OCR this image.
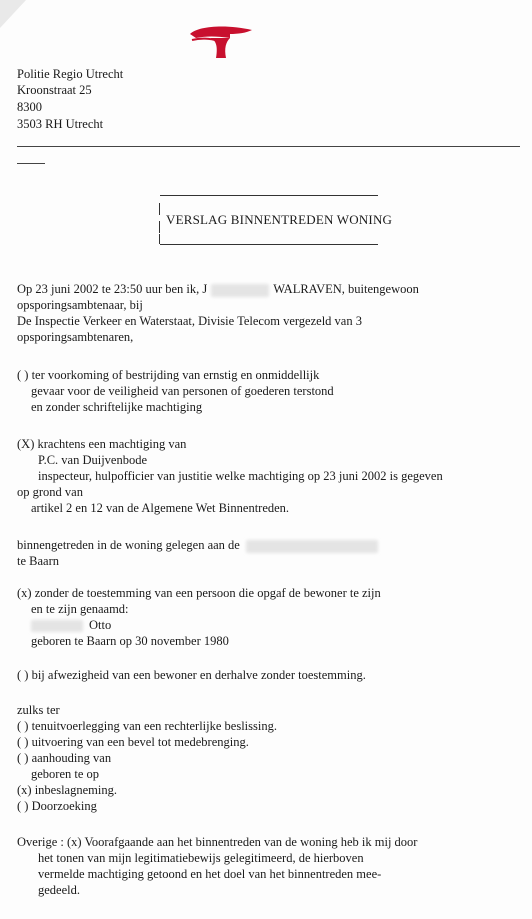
Politie Regio Utrecht
Kroonstraat 25
8300
3503 RH Utrecht
VERSLAG BINNENTREDEN WONING
Op 23 juni 2002 te 23:50 uur ben ik, J	WALRAVEN, buitengewoon
opsporingsambtenaar, bij
De Inspectie Verkeer en Waterstaat, Divisie Telecom vergezeld van 3
opsporingsambtenaren,
( ) ter voorkoming of bestrijding van ernstig en onmiddellijk
gevaar voor de veiligheid van personen of goederen terstond
en zonder schriftelijke machtiging
(X) krachtens een machtiging van
P.C. van Duijvenbode
inspecteur, hulpofficier van justitie welke machtiging op 23 juni 2002 is gegeven
op grond van
artikel 2 en 12 van de Algemene Wet Binnentreden.
binnengetreden in de woning gelegen aan de
te Baarn
(x) zonder de toestemming van een persoon die opgaf de bewoner te zijn
en te zijn genaamd:
Otto
geboren te Baarn op 30 november 1980
( ) bij afwezigheid van een bewoner en derhalve zonder toestemming.
zulks ter
( ) tenuitvoerlegging van een rechterlijke beslissing.
( ) uitvoering van een bevel tot medebrenging.
( ) aanhouding van
geboren te op
(x) inbeslagneming.
( ) Doorzoeking
Overige : (x) Voorafgaande aan het binnentreden van de woning heb ik mij door
het tonen van mijn legitimatiebewijs gelegitimeerd, de hierboven
vermelde machtiging getoond en het doel van het binnentreden mee-
gedeeld.
